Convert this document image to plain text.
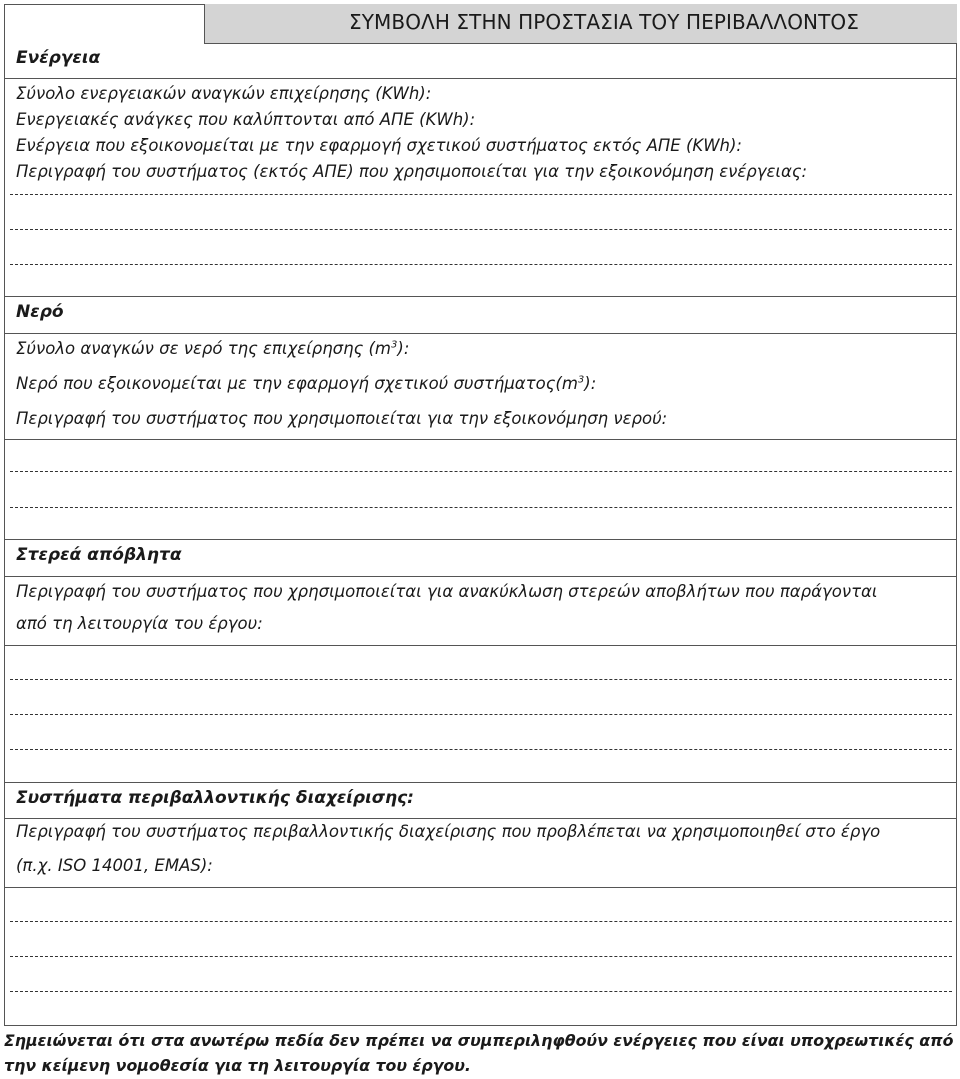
ΣΥΜΒΟΛΗ ΣΤΗΝ ΠΡΟΣΤΑΣΙΑ ΤΟΥ ΠΕΡΙΒΑΛΛΟΝΤΟΣ
Ενέργεια
Σύνολο ενεργειακών αναγκών επιχείρησης (KWh):
Ενεργειακές ανάγκες που καλύπτονται από ΑΠΕ (KWh):
Ενέργεια που εξοικονομείται με την εφαρμογή σχετικού συστήματος εκτός ΑΠΕ (KWh):
Περιγραφή του συστήματος (εκτός ΑΠΕ) που χρησιμοποιείται για την εξοικονόμηση ενέργειας:
Νερό
Σύνολο αναγκών σε νερό της επιχείρησης $(m^3)$:
Νερό που εξοικονομείται με την εφαρμογή σχετικού $\sigma\upsilon\sigma\tau ή\mu\alpha\tau o\varsigma(m^3)$:
Περιγραφή του συστήματος που χρησιμοποιείται για την εξοικονόμηση νερού:
Στερεά απόβλητα
Περιγραφή του συστήματος που χρησιμοποιείται για ανακύκλωση στερεών αποβλήτων που παράγονται
από τη λειτουργία του έργου:
Συστήματα περιβαλλοντικής διαχείρισης:
Περιγραφή του συστήματος περιβαλλοντικής διαχείρισης που προβλέπεται να χρησιμοποιηθεί στο έργο
(π.χ. ISO 14001, EMAS):
Σημειώνεται ότι στα ανωτέρω πεδία δεν πρέπει να συμπεριληφθούν ενέργειες που είναι υποχρεωτικές από την κείμενη νομοθεσία για τη λειτουργία του έργου.
